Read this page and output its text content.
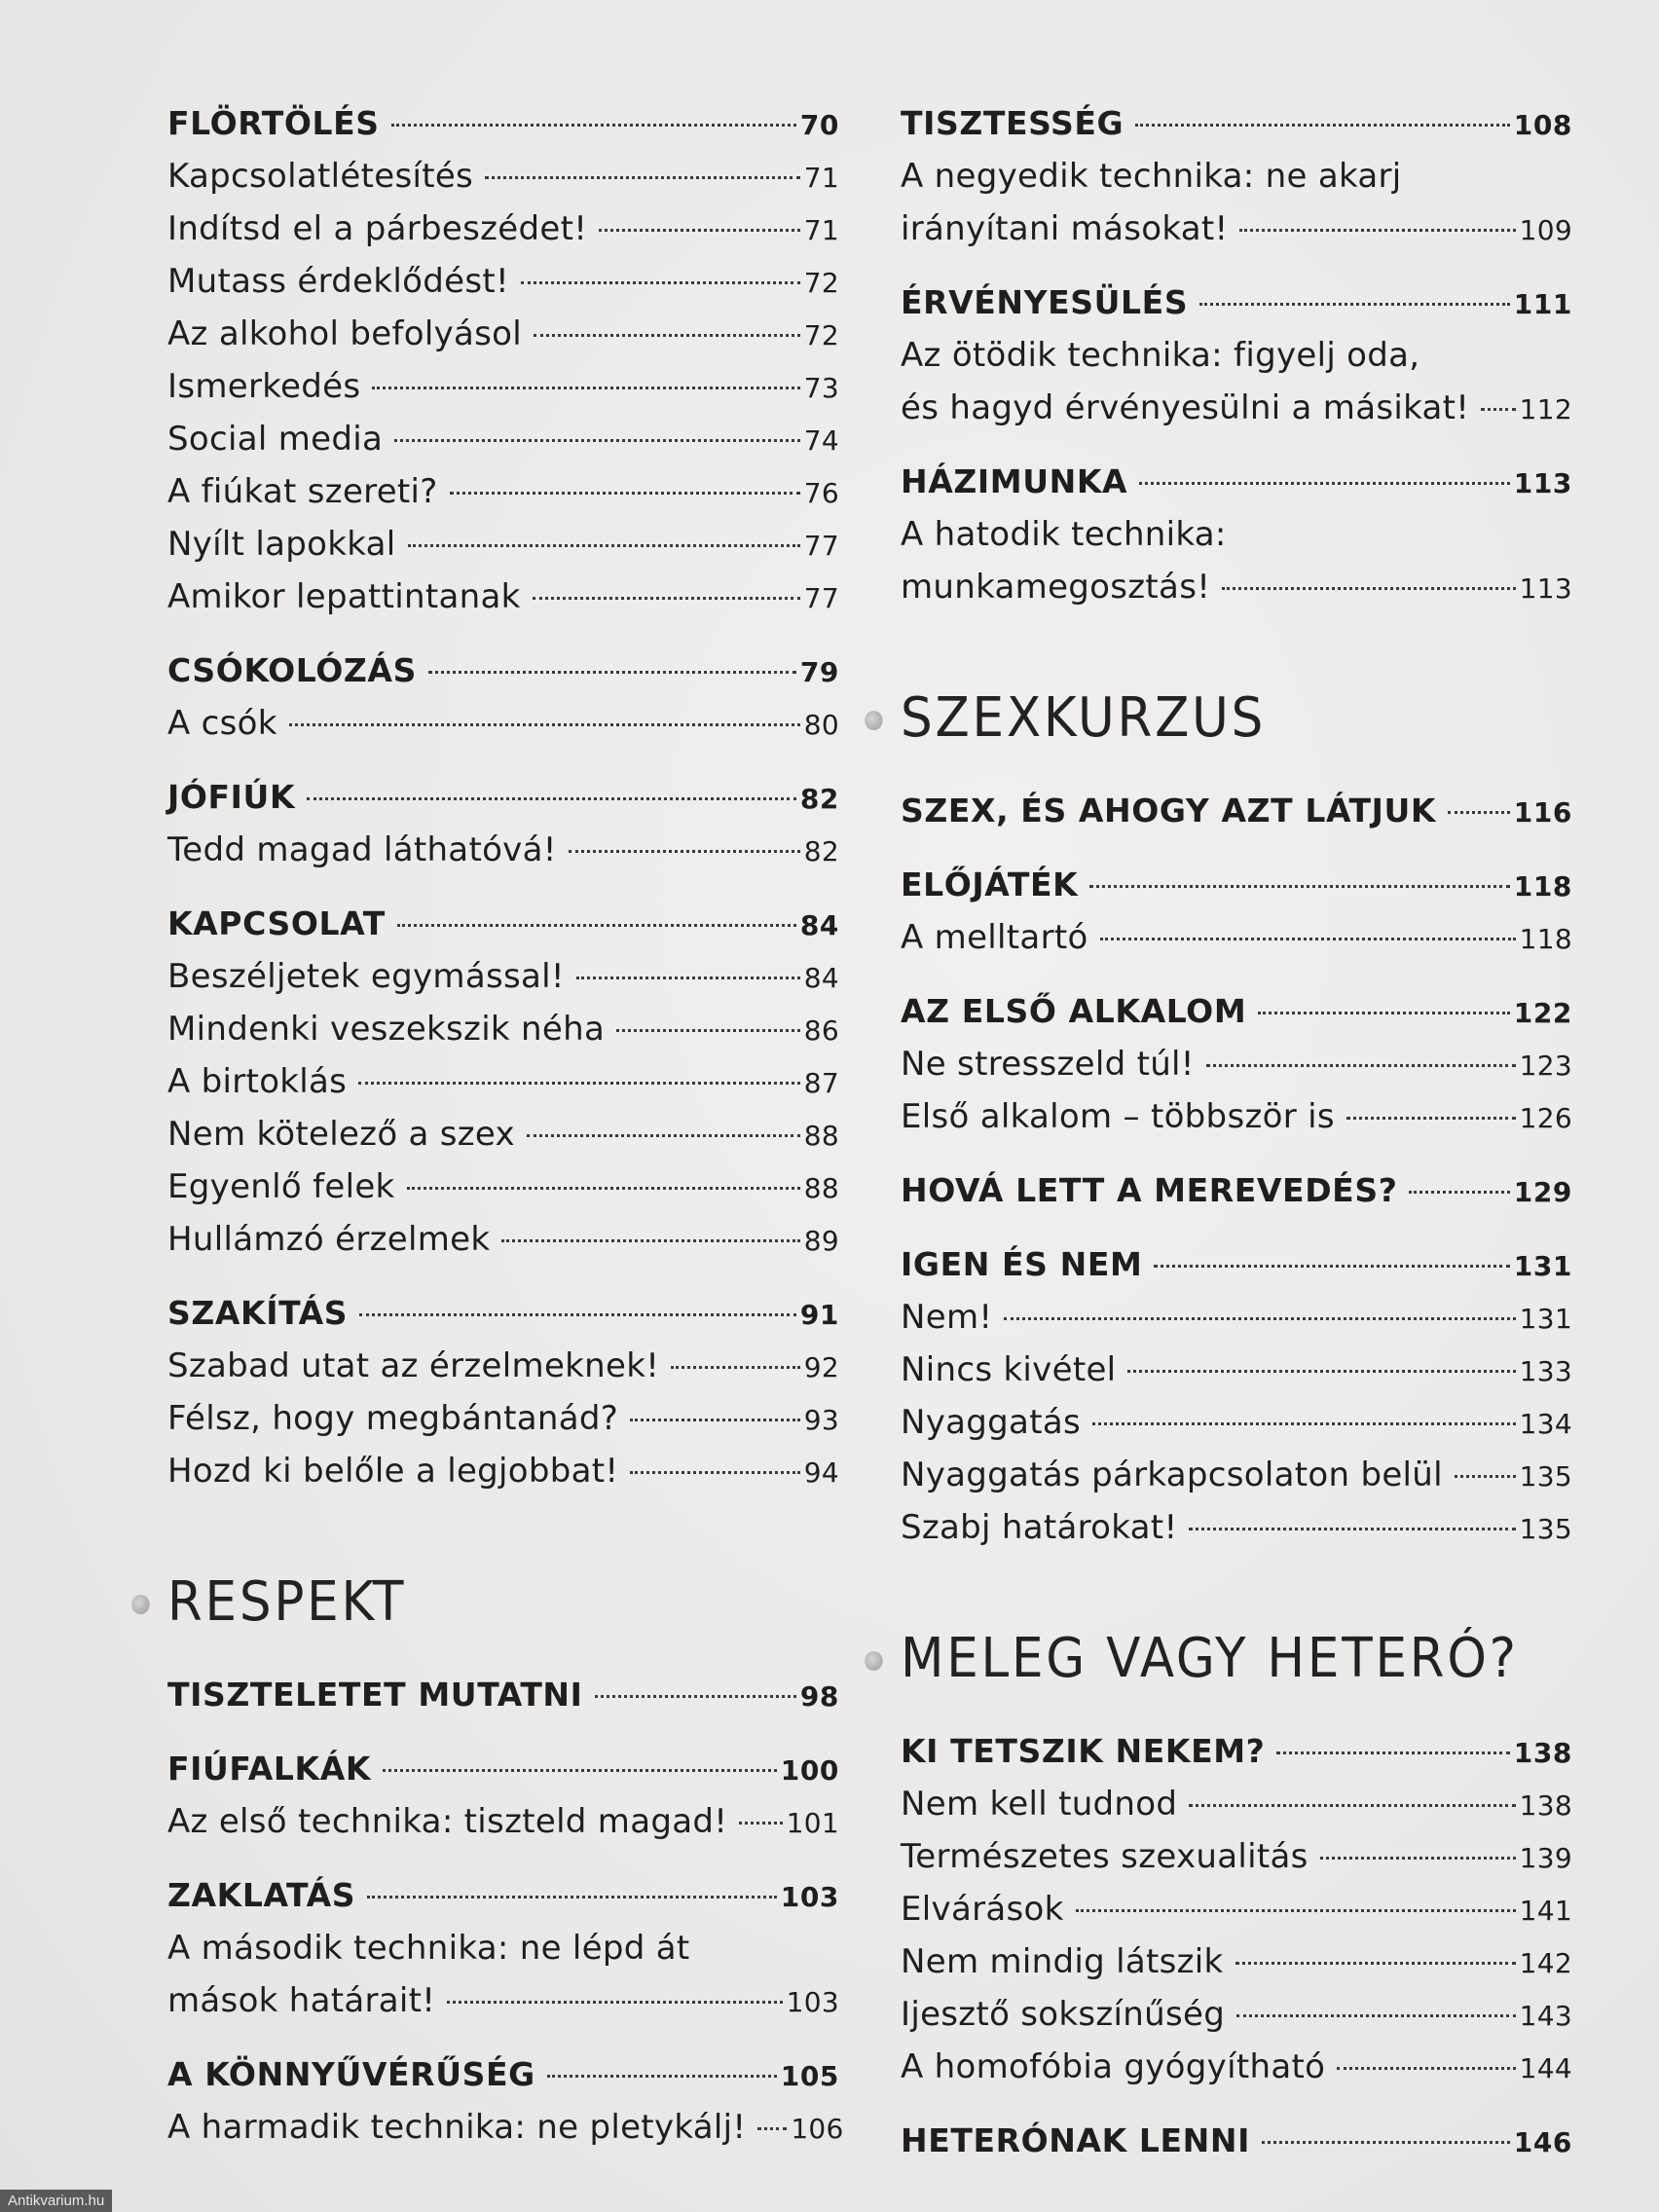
FLÖRTÖLÉS	70
Kapcsolatlétesítés	71
Indítsd el a párbeszédet!	71
Mutass érdeklődést!	72
Az alkohol befolyásol	72
Ismerkedés	73
Social media	74
A fiúkat szereti?	76
Nyílt lapokkal	77
Amikor lepattintanak	77
CSÓKOLÓZÁS	79
A csók	80
JÓFIÚK	82
Tedd magad láthatóvá!	82
KAPCSOLAT	84
Beszéljetek egymással!	84
Mindenki veszekszik néha	86
A birtoklás	87
Nem kötelező a szex	88
Egyenlő felek	88
Hullámzó érzelmek	89
SZAKÍTÁS	91
Szabad utat az érzelmeknek!	92
Félsz, hogy megbántanád?	93
Hozd ki belőle a legjobbat!	94
RESPEKT
TISZTELETET MUTATNI	98
FIÚFALKÁK	100
Az első technika: tiszteld magad! 101
ZAKLATÁS	103
A második technika: ne lépd át
mások határait!	103
A KÖNNYŰVÉRŰSÉG	105
A harmadik technika: ne pletykálj! 106
TISZTESSÉG	108
A negyedik technika: ne akarj
irányítani másokat!	109
ÉRVÉNYESÜLÉS	111
Az ötödik technika: figyelj oda,
és hagyd érvényesülni a másikat! 112
HÁZIMUNKA	113
A hatodik technika:
munkamegosztás!	113
SZEXKURZUS
SZEX, ÉS AHOGY AZT LÁTJUK	116
ELŐJÁTÉK	118
A melltartó	118
AZ ELSŐ ALKALOM	122
Ne stresszeld túl!	123
Első alkalom – többször is	126
HOVÁ LETT A MEREVEDÉS?	129
IGEN ÉS NEM	131
Nem!	131
Nincs kivétel	133
Nyaggatás	134
Nyaggatás párkapcsolaton belül	135
Szabj határokat!	135
MELEG VAGY HETERÓ?
KI TETSZIK NEKEM?	138
Nem kell tudnod	138
Természetes szexualitás	139
Elvárások	141
Nem mindig látszik	142
Ijesztő sokszínűség	143
A homofóbia gyógyítható	144
HETERÓNAK LENNI	146
Antikvarium.hu
